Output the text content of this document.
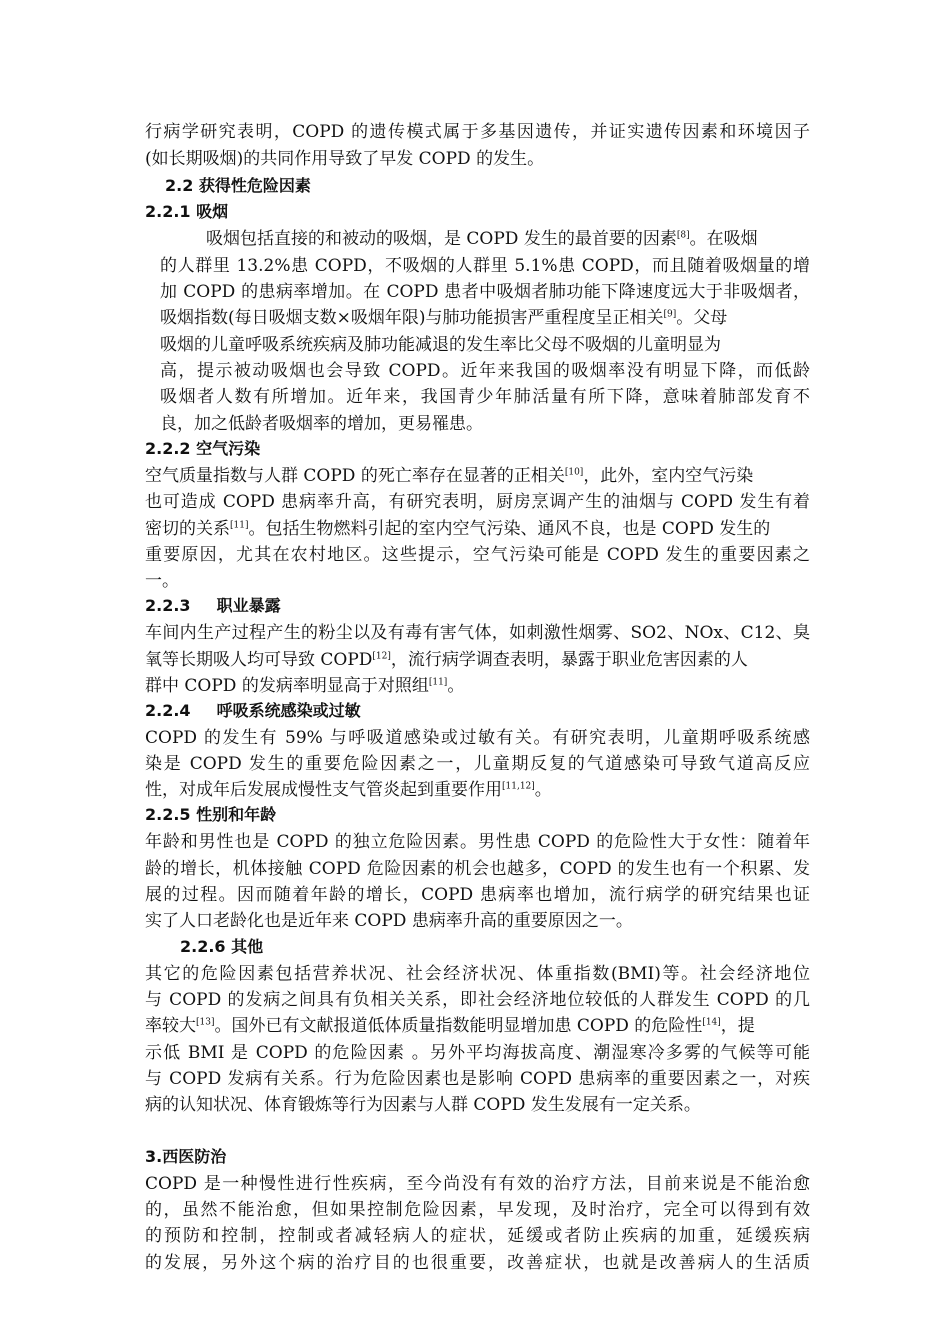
行病学研究表明，COPD 的遗传模式属于多基因遗传，并证实遗传因素和环境因子
(如长期吸烟)的共同作用导致了早发 COPD 的发生。
2.2 获得性危险因素
2.2.1 吸烟
吸烟包括直接的和被动的吸烟，是 COPD 发生的最首要的因素[8]。在吸烟
的人群里 13.2%患 COPD，不吸烟的人群里 5.1%患 COPD，而且随着吸烟量的增
加 COPD 的患病率增加。在 COPD 患者中吸烟者肺功能下降速度远大于非吸烟者，
吸烟指数(每日吸烟支数×吸烟年限)与肺功能损害严重程度呈正相关[9]。父母
吸烟的儿童呼吸系统疾病及肺功能减退的发生率比父母不吸烟的儿童明显为
高，提示被动吸烟也会导致 COPD。近年来我国的吸烟率没有明显下降，而低龄
吸烟者人数有所增加。近年来，我国青少年肺活量有所下降，意味着肺部发育不
良，加之低龄者吸烟率的增加，更易罹患。
2.2.2 空气污染
空气质量指数与人群 COPD 的死亡率存在显著的正相关[10]，此外，室内空气污染
也可造成 COPD 患病率升高，有研究表明，厨房烹调产生的油烟与 COPD 发生有着
密切的关系[11]。包括生物燃料引起的室内空气污染、通风不良，也是 COPD 发生的
重要原因，尤其在农村地区。这些提示，空气污染可能是 COPD 发生的重要因素之
一。
2.2.3 职业暴露
车间内生产过程产生的粉尘以及有毒有害气体，如刺激性烟雾、SO2、NOx、C12、臭
氧等长期吸人均可导致 COPD[12]，流行病学调查表明，暴露于职业危害因素的人
群中 COPD 的发病率明显高于对照组[11]。
2.2.4 呼吸系统感染或过敏
COPD 的发生有 59% 与呼吸道感染或过敏有关。有研究表明，儿童期呼吸系统感
染是 COPD 发生的重要危险因素之一，儿童期反复的气道感染可导致气道高反应
性，对成年后发展成慢性支气管炎起到重要作用[11,12]。
2.2.5 性别和年龄
年龄和男性也是 COPD 的独立危险因素。男性患 COPD 的危险性大于女性：随着年
龄的增长，机体接触 COPD 危险因素的机会也越多，COPD 的发生也有一个积累、发
展的过程。因而随着年龄的增长，COPD 患病率也增加，流行病学的研究结果也证
实了人口老龄化也是近年来 COPD 患病率升高的重要原因之一。
2.2.6 其他
其它的危险因素包括营养状况、社会经济状况、体重指数(BMI)等。社会经济地位
与 COPD 的发病之间具有负相关关系，即社会经济地位较低的人群发生 COPD 的几
率较大[13]。国外已有文献报道低体质量指数能明显增加患 COPD 的危险性[14]，提
示低 BMI 是 COPD 的危险因素 。另外平均海拔高度、潮湿寒冷多雾的气候等可能
与 COPD 发病有关系。行为危险因素也是影响 COPD 患病率的重要因素之一，对疾
病的认知状况、体育锻炼等行为因素与人群 COPD 发生发展有一定关系。
3.西医防治
COPD 是一种慢性进行性疾病，至今尚没有有效的治疗方法，目前来说是不能治愈
的，虽然不能治愈，但如果控制危险因素，早发现，及时治疗，完全可以得到有效
的预防和控制，控制或者减轻病人的症状，延缓或者防止疾病的加重，延缓疾病
的发展，另外这个病的治疗目的也很重要，改善症状，也就是改善病人的生活质
